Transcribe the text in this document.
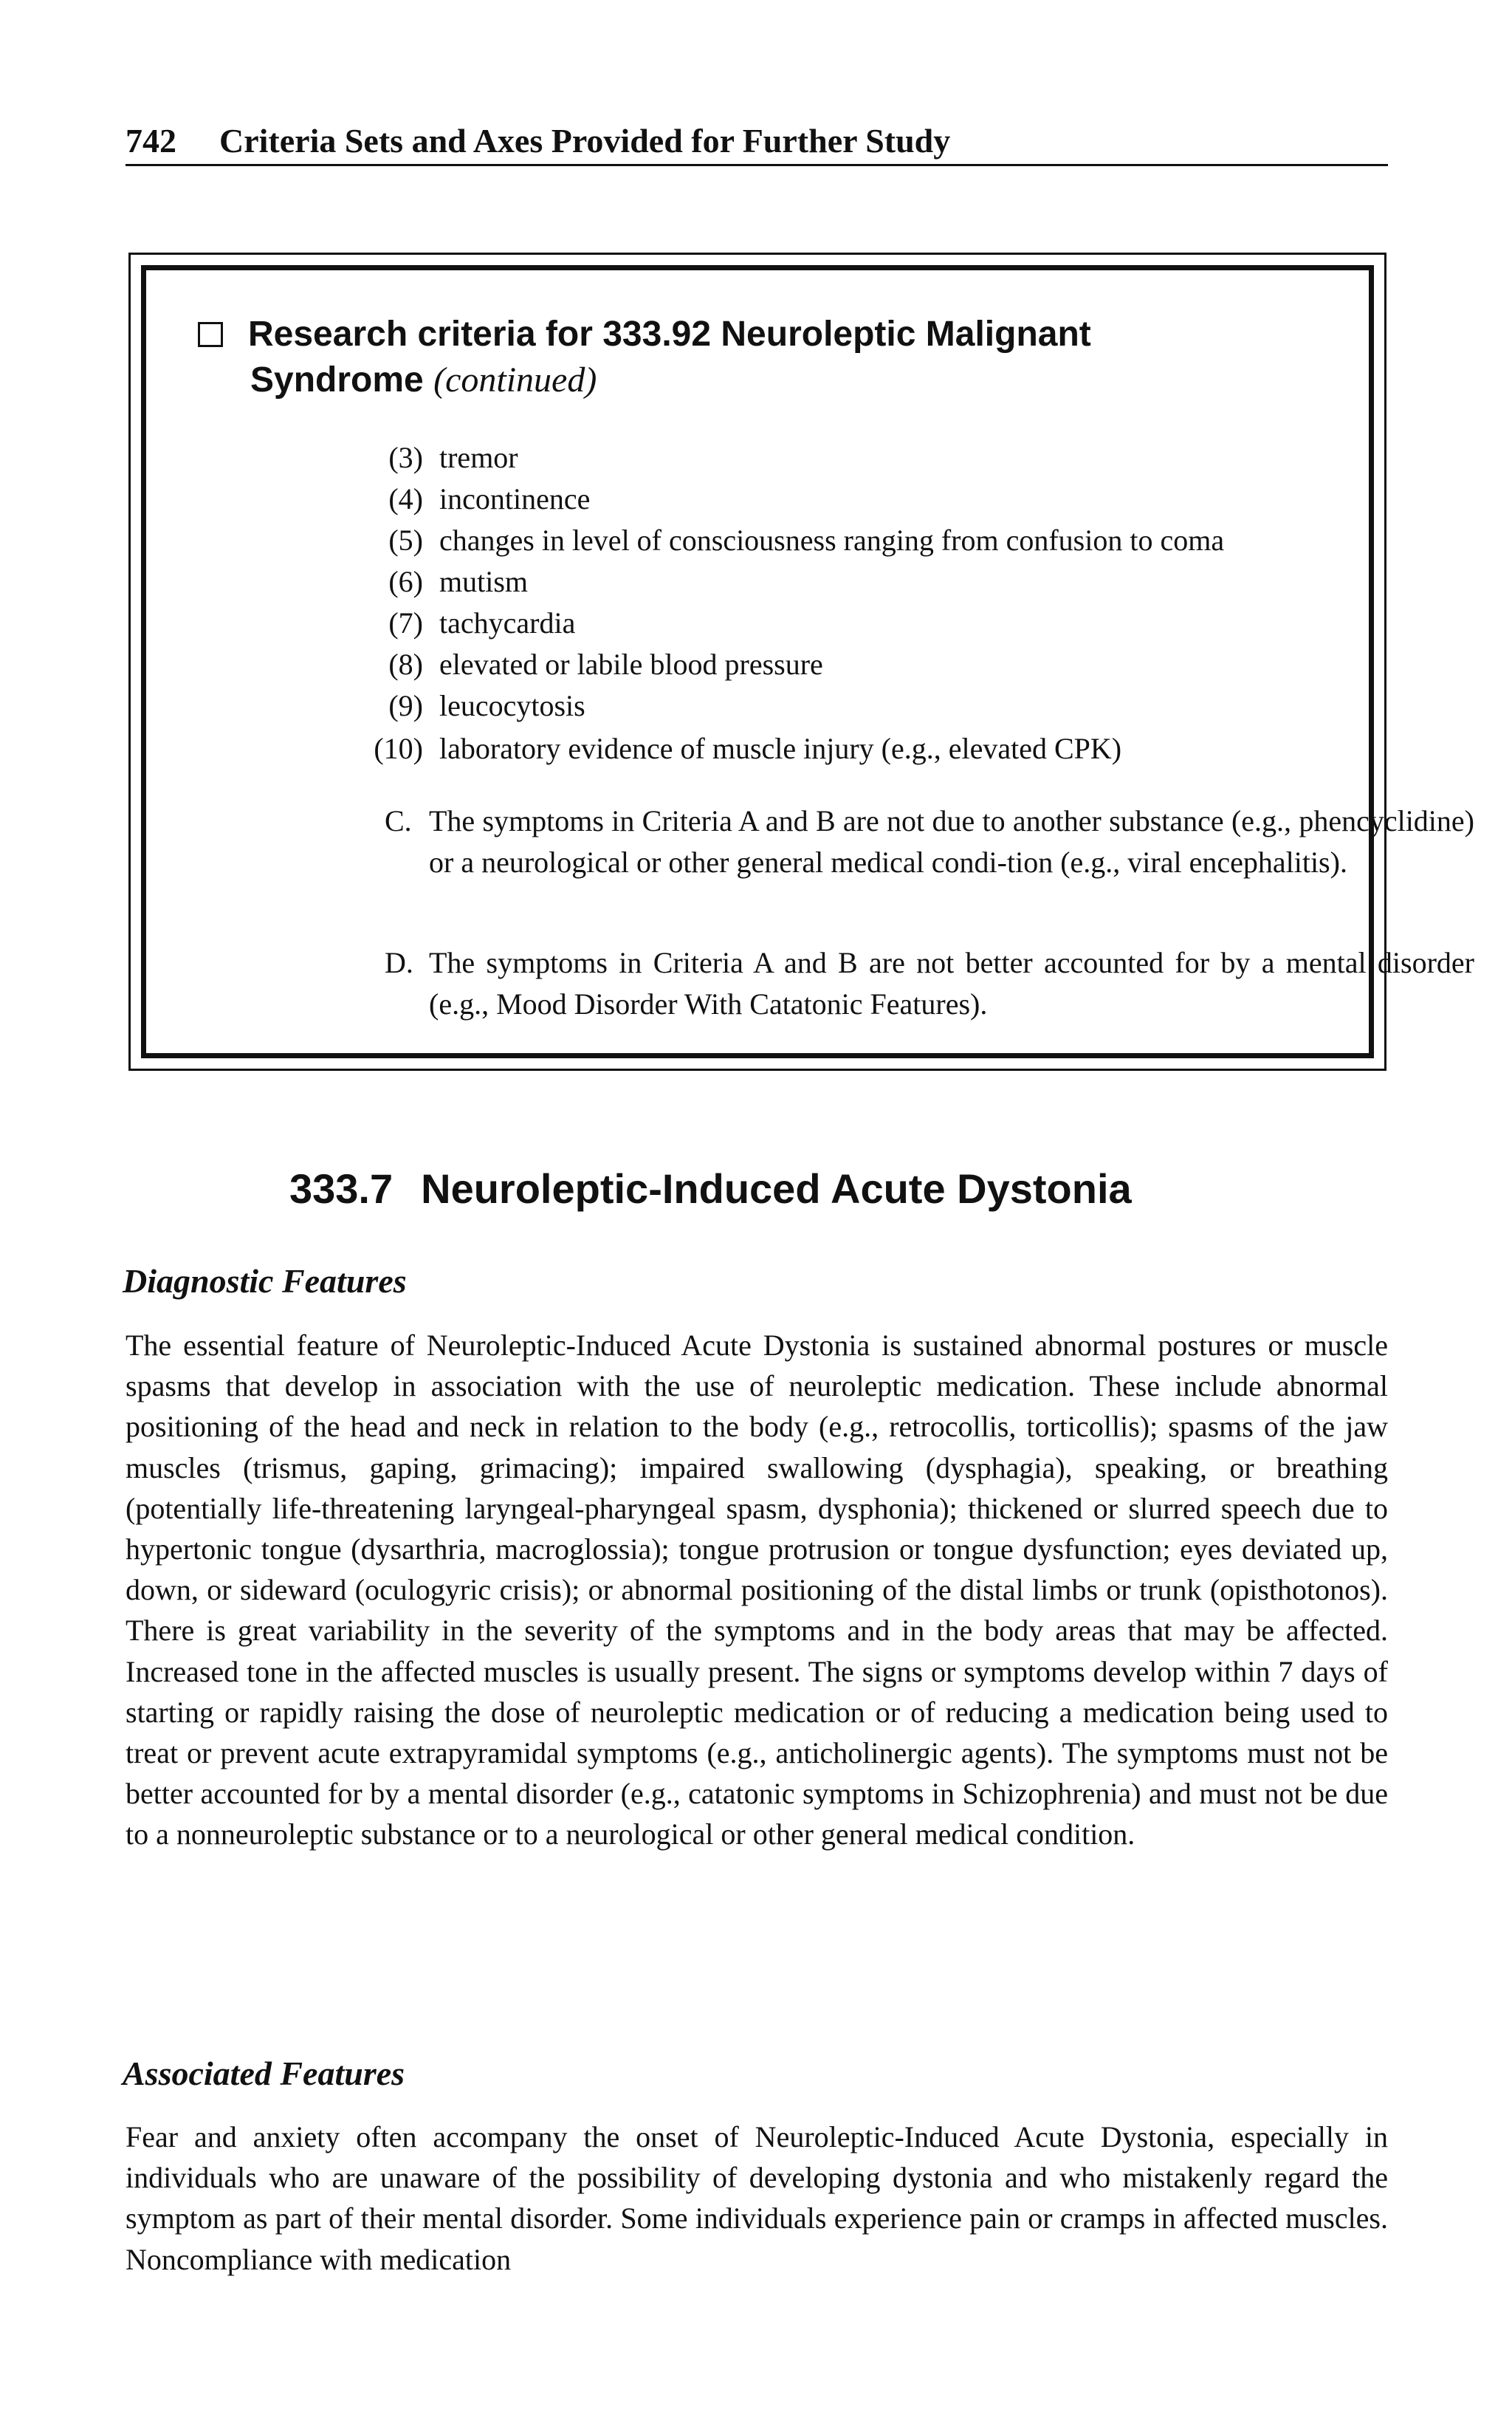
742 Criteria Sets and Axes Provided for Further Study
Research criteria for 333.92 Neuroleptic Malignant
Syndrome (continued)
(3) tremor
(4) incontinence
(5) changes in level of consciousness ranging from confusion to coma
(6) mutism
(7) tachycardia
(8) elevated or labile blood pressure
(9) leucocytosis
(10) laboratory evidence of muscle injury (e.g., elevated CPK)
C. The symptoms in Criteria A and B are not due to another substance (e.g., phencyclidine) or a neurological or other general medical condi-tion (e.g., viral encephalitis).
D. The symptoms in Criteria A and B are not better accounted for by a mental disorder (e.g., Mood Disorder With Catatonic Features).
333.7 Neuroleptic-Induced Acute Dystonia
Diagnostic Features
The essential feature of Neuroleptic-Induced Acute Dystonia is sustained abnormal postures or muscle spasms that develop in association with the use of neuroleptic medication. These include abnormal positioning of the head and neck in relation to the body (e.g., retrocollis, torticollis); spasms of the jaw muscles (trismus, gaping, grimacing); impaired swallowing (dysphagia), speaking, or breathing (potentially life-threatening laryngeal-pharyngeal spasm, dysphonia); thickened or slurred speech due to hypertonic tongue (dysarthria, macroglossia); tongue protrusion or tongue dysfunction; eyes deviated up, down, or sideward (oculogyric crisis); or abnormal positioning of the distal limbs or trunk (opisthotonos). There is great variability in the severity of the symptoms and in the body areas that may be affected. Increased tone in the affected muscles is usually present. The signs or symptoms develop within 7 days of starting or rapidly raising the dose of neuroleptic medication or of reducing a medication being used to treat or prevent acute extrapyramidal symptoms (e.g., anticholinergic agents). The symptoms must not be better accounted for by a mental disorder (e.g., catatonic symptoms in Schizophrenia) and must not be due to a nonneuroleptic substance or to a neurological or other general medical condition.
Associated Features
Fear and anxiety often accompany the onset of Neuroleptic-Induced Acute Dystonia, especially in individuals who are unaware of the possibility of developing dystonia and who mistakenly regard the symptom as part of their mental disorder. Some individuals experience pain or cramps in affected muscles. Noncompliance with medication
